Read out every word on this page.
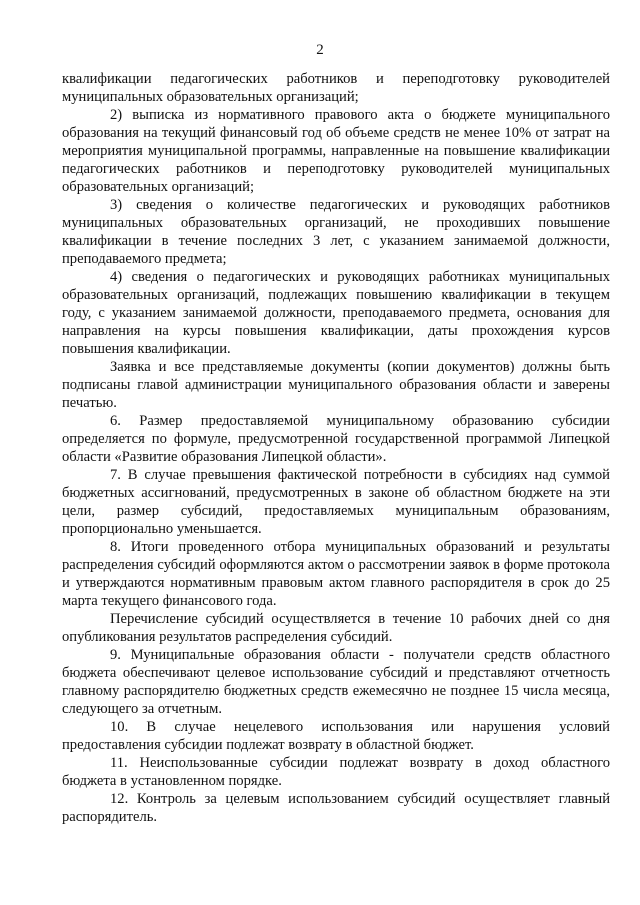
2

квалификации педагогических работников и переподготовку руководителей муниципальных образовательных организаций;

2) выписка из нормативного правового акта о бюджете муниципального образования на текущий финансовый год об объеме средств не менее 10% от затрат на мероприятия муниципальной программы, направленные на повышение квалификации педагогических работников и переподготовку руководителей муниципальных образовательных организаций;

3) сведения о количестве педагогических и руководящих работников муниципальных образовательных организаций, не проходивших повышение квалификации в течение последних 3 лет, с указанием занимаемой должности, преподаваемого предмета;

4) сведения о педагогических и руководящих работниках муниципальных образовательных организаций, подлежащих повышению квалификации в текущем году, с указанием занимаемой должности, преподаваемого предмета, основания для направления на курсы повышения квалификации, даты прохождения курсов повышения квалификации.

Заявка и все представляемые документы (копии документов) должны быть подписаны главой администрации муниципального образования области и заверены печатью.

6. Размер предоставляемой муниципальному образованию субсидии определяется по формуле, предусмотренной государственной программой Липецкой области «Развитие образования Липецкой области».

7. В случае превышения фактической потребности в субсидиях над суммой бюджетных ассигнований, предусмотренных в законе об областном бюджете на эти цели, размер субсидий, предоставляемых муниципальным образованиям, пропорционально уменьшается.

8. Итоги проведенного отбора муниципальных образований и результаты распределения субсидий оформляются актом о рассмотрении заявок в форме протокола и утверждаются нормативным правовым актом главного распорядителя в срок до 25 марта текущего финансового года.

Перечисление субсидий осуществляется в течение 10 рабочих дней со дня опубликования результатов распределения субсидий.

9. Муниципальные образования области - получатели средств областного бюджета обеспечивают целевое использование субсидий и представляют отчетность главному распорядителю бюджетных средств ежемесячно не позднее 15 числа месяца, следующего за отчетным.

10. В случае нецелевого использования или нарушения условий предоставления субсидии подлежат возврату в областной бюджет.

11. Неиспользованные субсидии подлежат возврату в доход областного бюджета в установленном порядке.

12. Контроль за целевым использованием субсидий осуществляет главный распорядитель.
